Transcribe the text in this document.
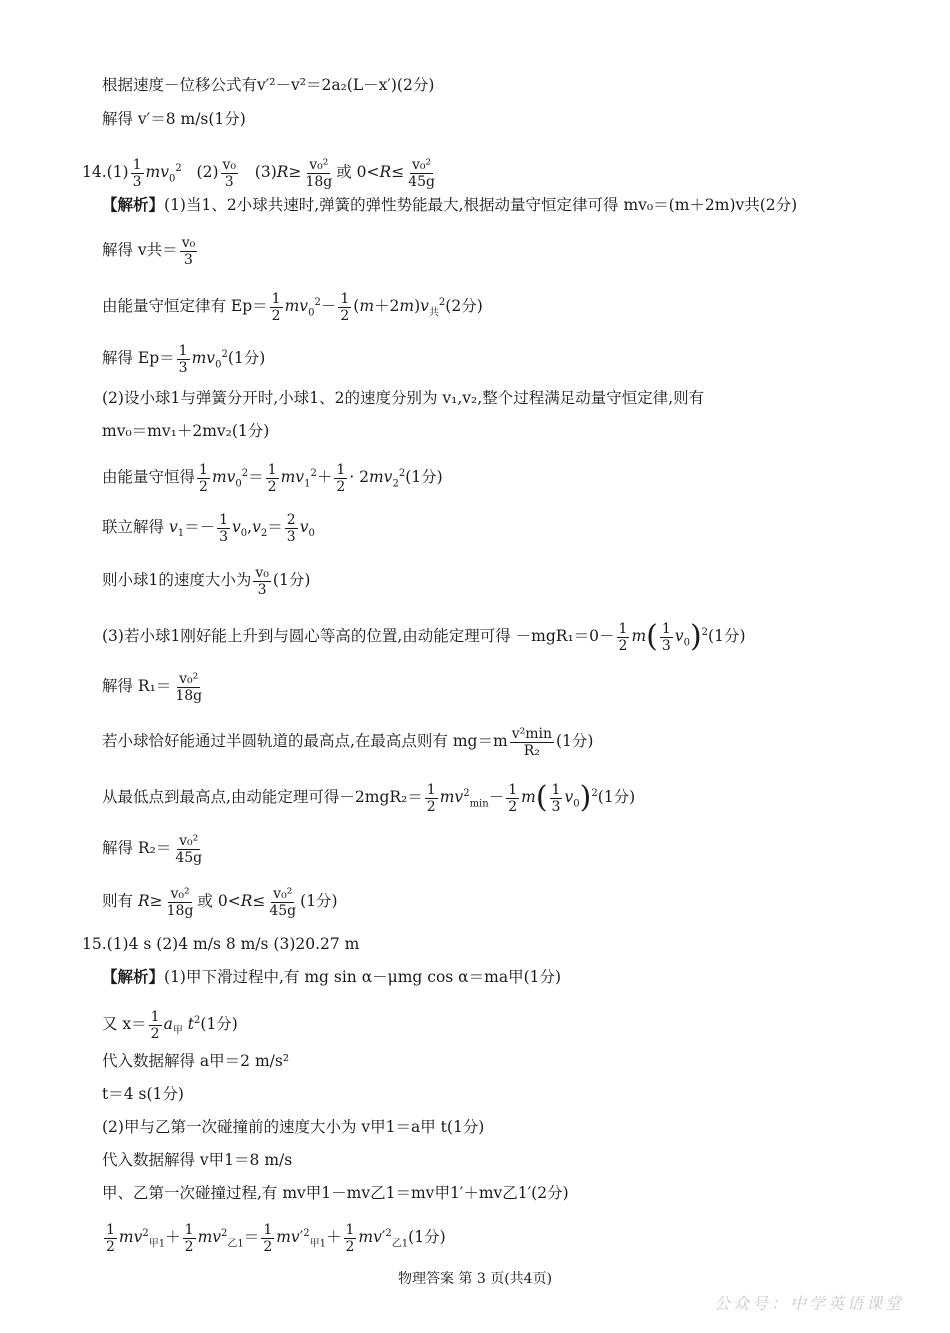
根据速度－位移公式有v′²－v²＝2a₂(L－x′)(2分)
解得 v′＝8 m/s(1分)
$14.(1) \frac{1}{3} mv_0^2$   $(2) \frac{\text{v₀}}{3} (3)R\ge \frac{\text{v₀²}}{18g}$ 或 $0<R\le \frac{\text{v₀²}}{45g}$
【解析】(1)当1、2小球共速时,弹簧的弹性势能最大,根据动量守恒定律可得 mv₀＝(m＋2m)v共(2分)
解得 v共＝ $\frac{\text{v₀}}{3}$
由能量守恒定律有 $Ep= \frac{1}{2} mv_0^2- \frac{1}{2} (m+2m)v_共^2(2$分)
解得 $Ep= \frac{1}{3} mv_0^2(1$分)
(2)设小球1与弹簧分开时,小球1、2的速度分别为 v₁,v₂,整个过程满足动量守恒定律,则有
mv₀＝mv₁＋2mv₂(1分)
由能量守恒得 $\frac{1}{2} mv_0^2= \frac{1}{2} mv_1^2+ \frac{1}{2} \cdot 2mv_2^2(1$分)
联立解得 $v_1=- \frac{1}{3} v_0,v_2= \frac{2}{3} v_0$
则小球1的速度大小为 $\frac{\text{v₀}}{3} (1$分)
(3)若小球1刚好能上升到与圆心等高的位置,由动能定理可得 $-mgR_1=0- \frac{1}{2} m( \frac{1}{3} v_0)^2(1$分)
解得 $R_1= \frac{\text{v₀²}}{18g}$
若小球恰好能通过半圆轨道的最高点,在最高点则有 mg＝m v²min
R₂
(1分)
从最低点到最高点,由动能定理可得$-2mgR_2= \frac{1}{2} mv^2_{min}- \frac{1}{2} m( \frac{1}{3} v_0)^2(1$分)
解得 $R_2= \frac{\text{v₀²}}{45g}$
则有 $R\ge \frac{\text{v₀²}}{18g}$ 或 $0<R\le \frac{\text{v₀²}}{45g} (1$分)
15.(1)4 s (2)4 m/s 8 m/s (3)20.27 m
【解析】(1)甲下滑过程中,有 mg sin α－μmg cos α＝ma甲(1分)
又 $x= \frac{1}{2} a_甲$ $t^2(1$分)
代入数据解得 a甲＝2 m/s²
t＝4 s(1分)
(2)甲与乙第一次碰撞前的速度大小为 v甲1＝a甲 t(1分)
代入数据解得 v甲1＝8 m/s
甲、乙第一次碰撞过程,有 mv甲1－mv乙1＝mv甲1′＋mv乙1′(2分)
$\frac{1}{2} mv^2_{甲1}+ \frac{1}{2} mv^2_{乙1}= \frac{1}{2} mv'^2_{甲1}+ \frac{1}{2} mv'^2_{乙1}(1$分)
物理答案 第 3 页(共4页)
公众号：中学英语课堂
